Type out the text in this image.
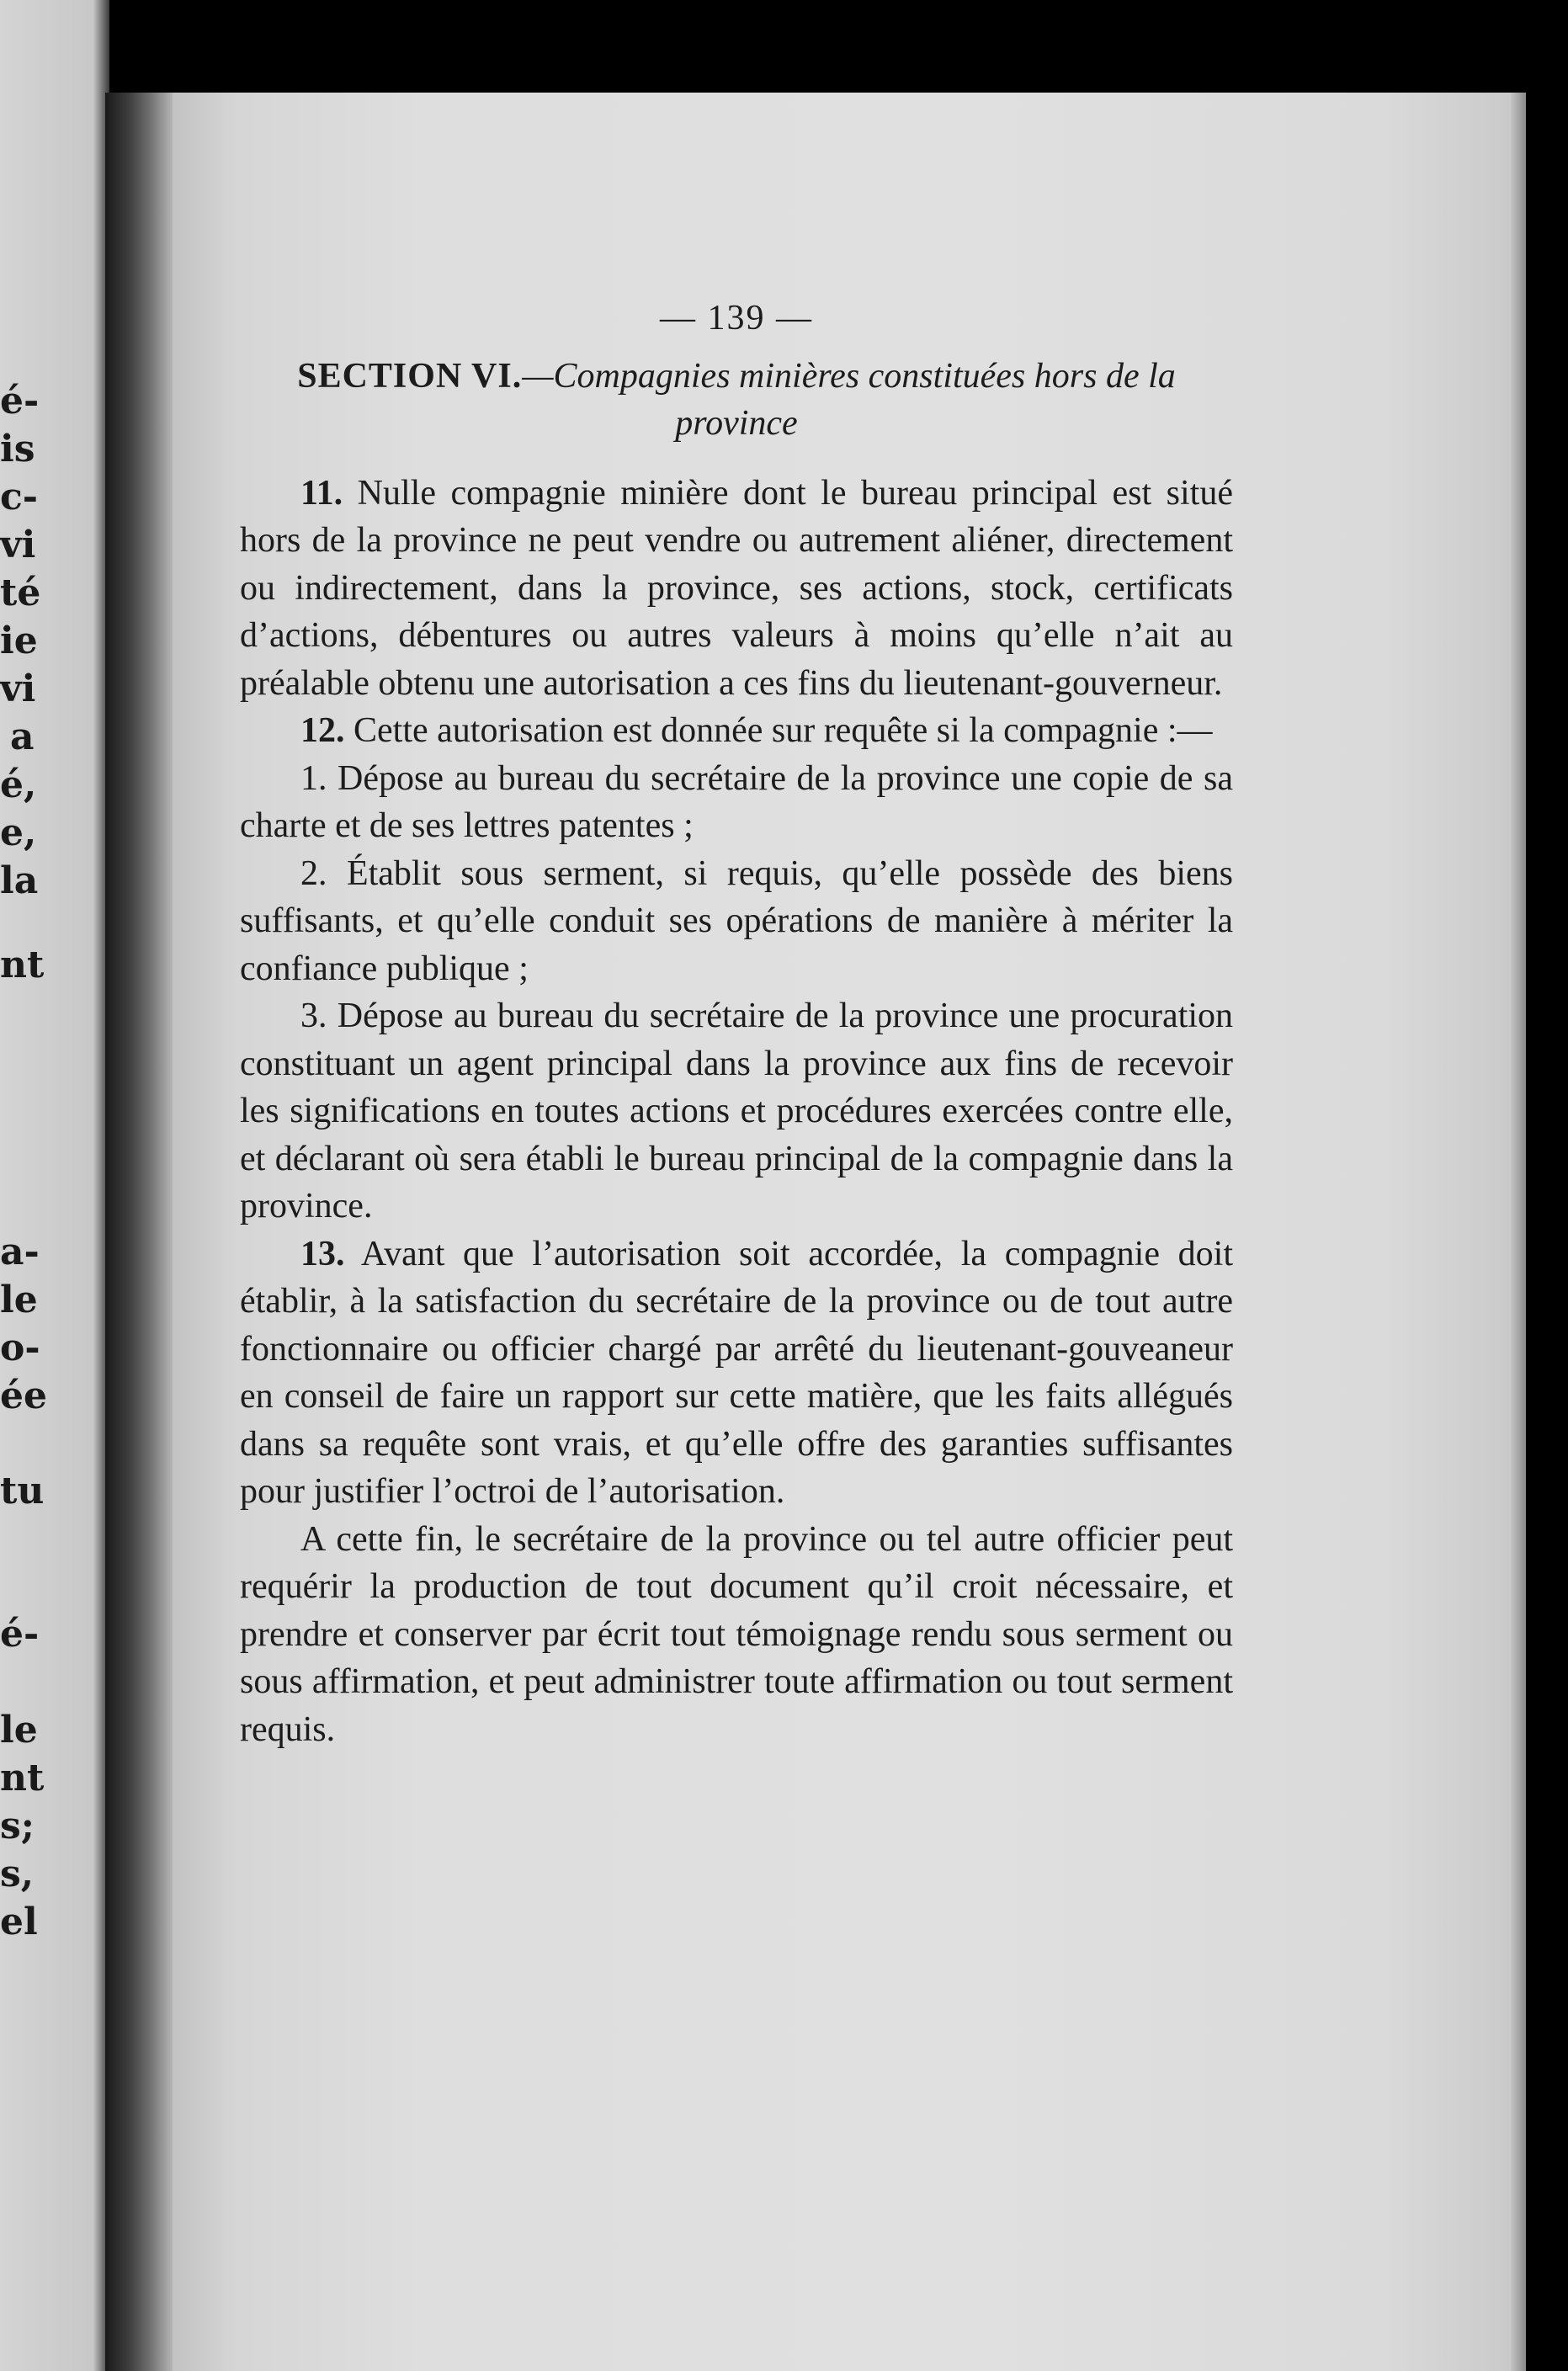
é-
is
c-
vi
té
ie
vi
a
é,
e,
la
nt
a-
le
o-
ée
tu
é-
le
nt
s;
s,
el
— 139 —
SECTION VI.—Compagnies minières constituées hors de la province

11. Nulle compagnie minière dont le bureau principal est situé hors de la province ne peut vendre ou autrement aliéner, directement ou indirectement, dans la province, ses actions, stock, certificats d’actions, débentures ou autres valeurs à moins qu’elle n’ait au préalable obtenu une autorisation a ces fins du lieutenant-gouverneur.

12. Cette autorisation est donnée sur requête si la compagnie :—

1. Dépose au bureau du secrétaire de la province une copie de sa charte et de ses lettres patentes ;

2. Établit sous serment, si requis, qu’elle possède des biens suffisants, et qu’elle conduit ses opérations de manière à mériter la confiance publique ;

3. Dépose au bureau du secrétaire de la province une procuration constituant un agent principal dans la province aux fins de recevoir les significations en toutes actions et procédures exercées contre elle, et déclarant où sera établi le bureau principal de la compagnie dans la province.

13. Avant que l’autorisation soit accordée, la compagnie doit établir, à la satisfaction du secrétaire de la province ou de tout autre fonctionnaire ou officier chargé par arrêté du lieutenant-gouveaneur en conseil de faire un rapport sur cette matière, que les faits allégués dans sa requête sont vrais, et qu’elle offre des garanties suffisantes pour justifier l’octroi de l’autorisation.

A cette fin, le secrétaire de la province ou tel autre officier peut requérir la production de tout document qu’il croit nécessaire, et prendre et conserver par écrit tout témoignage rendu sous serment ou sous affirmation, et peut administrer toute affirmation ou tout serment requis.
